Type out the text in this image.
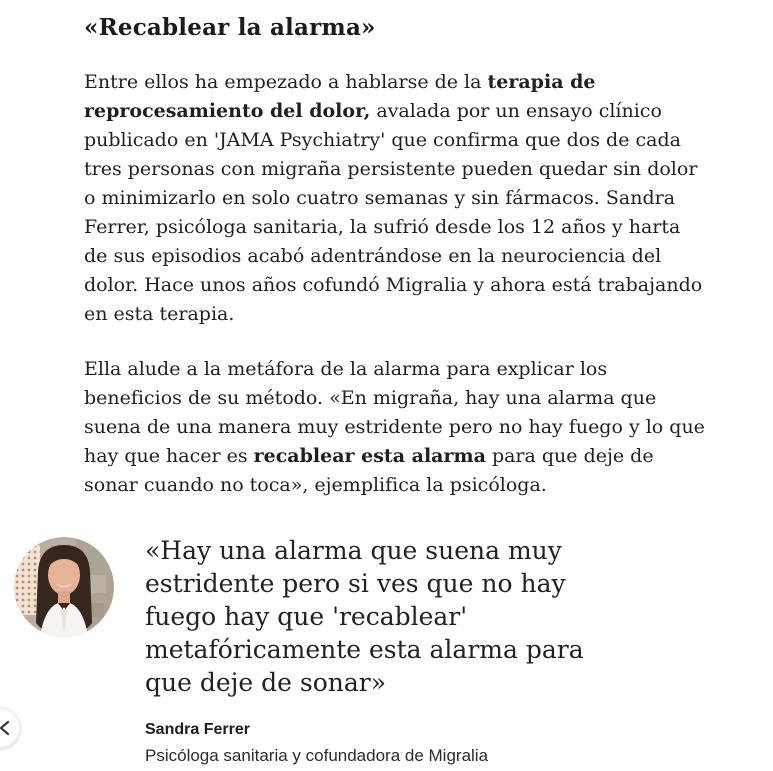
«Recablear la alarma»

Entre ellos ha empezado a hablarse de la terapia de reprocesamiento del dolor, avalada por un ensayo clínico publicado en 'JAMA Psychiatry' que confirma que dos de cada tres personas con migraña persistente pueden quedar sin dolor o minimizarlo en solo cuatro semanas y sin fármacos. Sandra Ferrer, psicóloga sanitaria, la sufrió desde los 12 años y harta de sus episodios acabó adentrándose en la neurociencia del dolor. Hace unos años cofundó Migralia y ahora está trabajando en esta terapia.

Ella alude a la metáfora de la alarma para explicar los beneficios de su método. «En migraña, hay una alarma que suena de una manera muy estridente pero no hay fuego y lo que hay que hacer es recablear esta alarma para que deje de sonar cuando no toca», ejemplifica la psicóloga.

«Hay una alarma que suena muy estridente pero si ves que no hay fuego hay que 'recablear' metafóricamente esta alarma para que deje de sonar»
Sandra Ferrer
Psicóloga sanitaria y cofundadora de Migralia
